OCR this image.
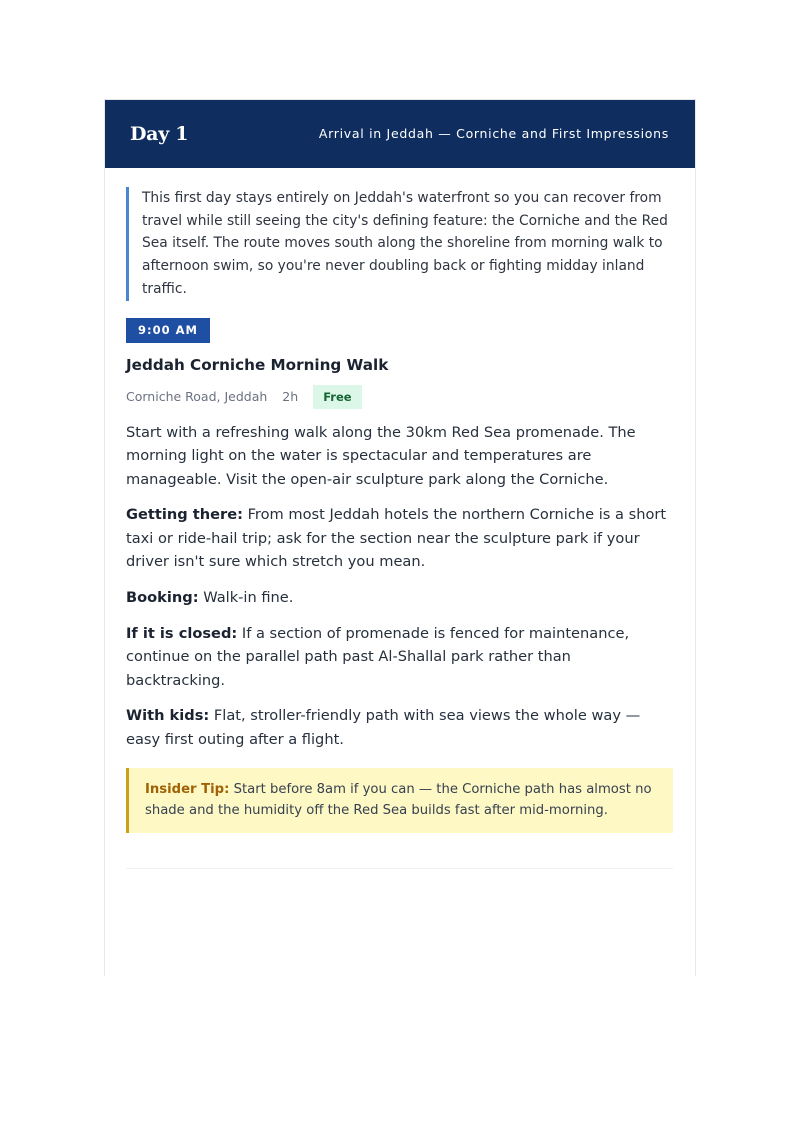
Day 1	Arrival in Jeddah — Corniche and First Impressions
This first day stays entirely on Jeddah's waterfront so you can recover from travel while still seeing the city's defining feature: the Corniche and the Red Sea itself. The route moves south along the shoreline from morning walk to afternoon swim, so you're never doubling back or fighting midday inland traffic.
9:00 AM
Jeddah Corniche Morning Walk
Corniche Road, Jeddah 2h	Free
Start with a refreshing walk along the 30km Red Sea promenade. The morning light on the water is spectacular and temperatures are manageable. Visit the open-air sculpture park along the Corniche.
Getting there: From most Jeddah hotels the northern Corniche is a short taxi or ride-hail trip; ask for the section near the sculpture park if your driver isn't sure which stretch you mean.
Booking: Walk-in fine.
If it is closed: If a section of promenade is fenced for maintenance, continue on the parallel path past Al-Shallal park rather than backtracking.
With kids: Flat, stroller-friendly path with sea views the whole way — easy first outing after a flight.
Insider Tip: Start before 8am if you can — the Corniche path has almost no shade and the humidity off the Red Sea builds fast after mid-morning.
